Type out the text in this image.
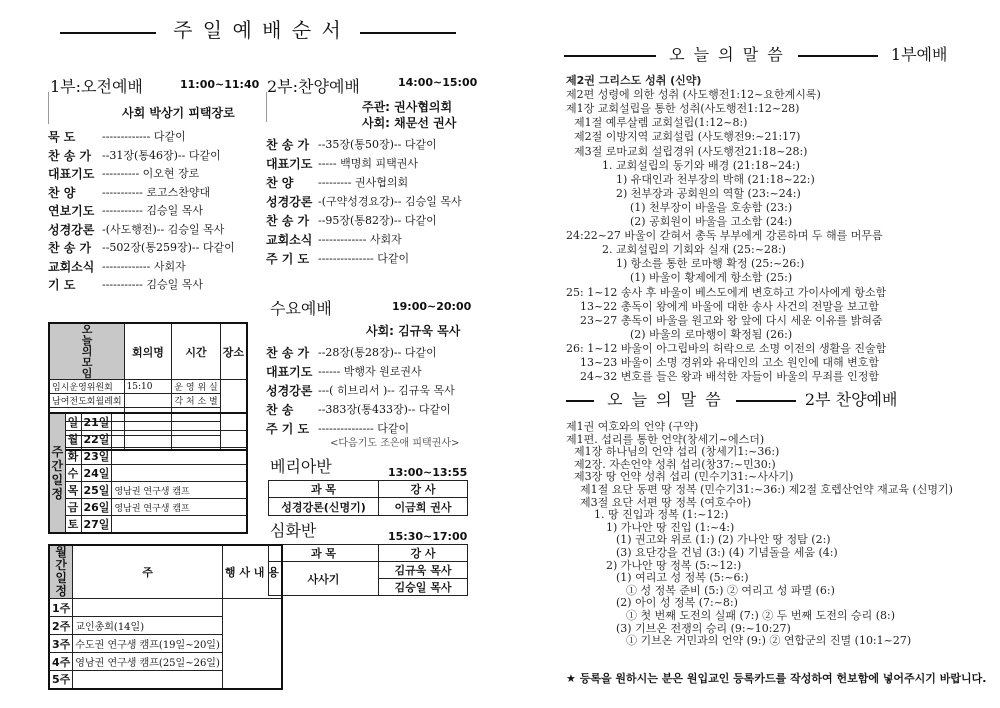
주 일 예 배 순 서
1부:오전예배	11:00~11:40
사회 박상기 피택장로
묵 도 ------------- 다같이
찬 송 가 --31장(통46장)-- 다같이
대표기도 ---------- 이오현 장로
찬 양 ----------- 로고스찬양대
연보기도 ----------- 김승일 목사
성경강론 -(사도행전)-- 김승일 목사
찬 송 가 --502장(통259장)-- 다같이
교회소식 ------------- 사회자
기 도 ----------- 김승일 목사
2부:찬양예배	14:00~15:00
주관: 권사협의회
사회: 채문선 권사
찬 송 가 --35장(통50장)-- 다같이
대표기도 ----- 백명희 피택권사
찬 양 --------- 권사협의회
성경강론 -(구약성경요강)-- 김승일 목사
찬 송 가 --95장(통82장)-- 다같이
교회소식 ------------- 사회자
주 기 도 --------------- 다같이
수요예배	19:00~20:00
사회: 김규욱 목사
찬 송 가 --28장(통28장)-- 다같이
대표기도 ------ 박행자 원로권사
성경강론 ---( 히브리서 )-- 김규욱 목사
찬 송 --383장(통433장)-- 다같이
주 기 도 --------------- 다같이
<다음기도 조은애 피택권사>
베리아반	13:00~13:55
과 목	강 사
성경강론(신명기)	이금희 권사
심화반	15:30~17:00
과 목	강 사
사사기	김규욱 목사
	김승일 목사
오늘의모임	회의명	시간	장소
임시운영위원회	15:10	운 영 위 실	
남여전도회월례회		각 처 소 별	

주간일정	일	21일	
	월	22일	
	화	23일	
	수	24일	
	목	25일	영남권 연구생 캠프
	금	26일	영남권 연구생 캠프
	토	27일	
월간일정	주	행 사 내 용
1주		
2주	교인총회(14일)	
3주	수도권 연구생 캠프(19일~20일)	
4주	영남권 연구생 캠프(25일~26일)	
5주		
오 늘 의 말 씀	1부예배
제2권 그리스도 성취 (신약)
제2편 성령에 의한 성취 (사도행전1:12~요한계시록)
제1장 교회설립을 통한 성취(사도행전1:12~28)
제1절 예루살렘 교회설립(1:12~8:)
제2절 이방지역 교회설립 (사도행전9:~21:17)
제3절 로마교회 설립경위 (사도행전21:18~28:)
1. 교회설립의 동기와 배경 (21:18~24:)
1) 유대인과 천부장의 박해 (21:18~22:)
2) 천부장과 공회원의 역할 (23:~24:)
(1) 천부장이 바울을 호송함 (23:)
(2) 공회원이 바울을 고소함 (24:)
24:22~27 바울이 갇혀서 총독 부부에게 강론하며 두 해를 머무름
2. 교회설립의 기회와 실재 (25:~28:)
1) 항소를 통한 로마행 확정 (25:~26:)
(1) 바울이 황제에게 항소함 (25:)
25: 1~12 송사 후 바울이 베스도에게 변호하고 가이사에게 항소함
13~22 총독이 왕에게 바울에 대한 송사 사건의 전말을 보고함
23~27 총독이 바울을 원고와 왕 앞에 다시 세운 이유를 밝혀줌
(2) 바울의 로마행이 확정됨 (26:)
26: 1~12 바울이 아그립바의 허락으로 소명 이전의 생활을 진술함
13~23 바울이 소명 경위와 유대인의 고소 원인에 대해 변호함
24~32 변호를 들은 왕과 배석한 자들이 바울의 무죄를 인정함
오 늘 의 말 씀	2부 찬양예배
제1권 여호와의 언약 (구약)
제1편. 섭리를 통한 언약(창세기~에스더)
제1장 하나님의 언약 섭리 (창세기1:~36:)
제2장. 자손언약 성취 섭리(창37:~민30:)
제3장 땅 언약 성취 섭리 (민수기31:~사사기)
제1절 요단 동편 땅 정복 (민수기31:~36:) 제2절 호렙산언약 재교육 (신명기)
제3절 요단 서편 땅 정복 (여호수아)
1. 땅 진입과 정복 (1:~12:)
1) 가나안 땅 진입 (1:~4:)
(1) 권고와 위로 (1:) (2) 가나안 땅 정탐 (2:)
(3) 요단강을 건넘 (3:) (4) 기념돌을 세움 (4:)
2) 가나안 땅 정복 (5:~12:)
(1) 여리고 성 정복 (5:~6:)
① 성 정복 준비 (5:) ② 여리고 성 파멸 (6:)
(2) 아이 성 정복 (7:~8:)
① 첫 번째 도전의 실패 (7:) ② 두 번째 도전의 승리 (8:)
(3) 기브온 전쟁의 승리 (9:~10:27)
① 기브온 거민과의 언약 (9:) ② 연합군의 진멸 (10:1~27)
★ 등록을 원하시는 분은 원입교인 등록카드를 작성하여 헌보함에 넣어주시기 바랍니다.
